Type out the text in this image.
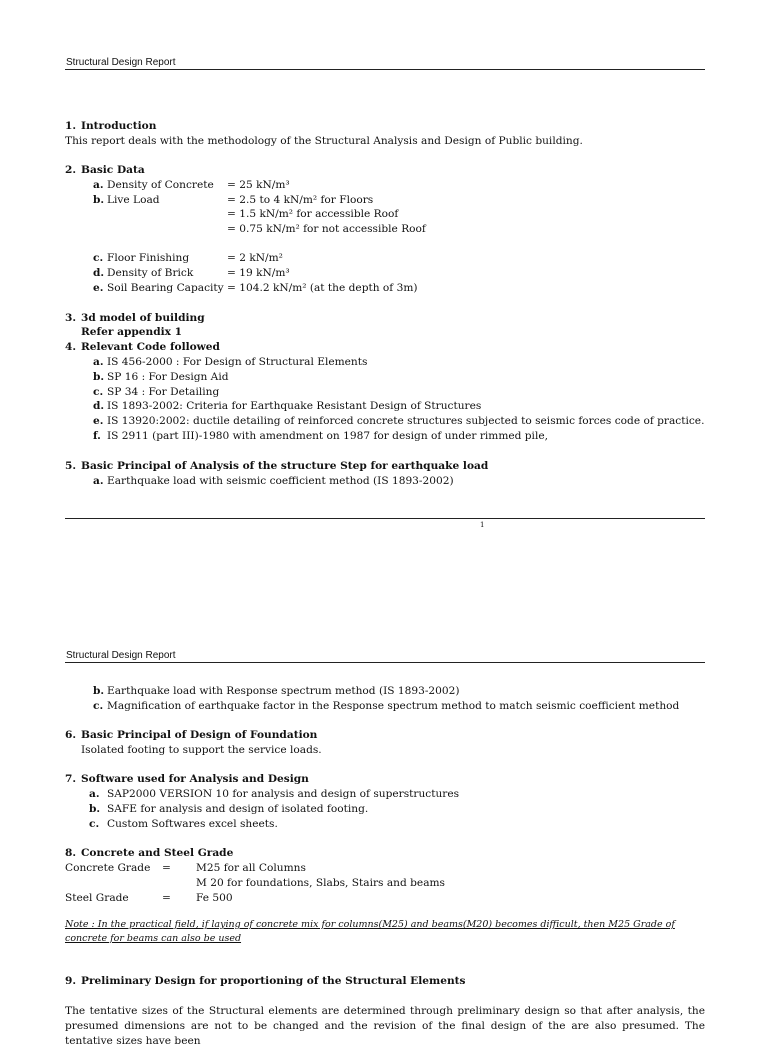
Structural Design Report
1. Introduction
This report deals with the methodology of the Structural Analysis and Design of Public building.
2. Basic Data
a. Density of Concrete = 25 kN/m³
b. Live Load	= 2.5 to 4 kN/m² for Floors
= 1.5 kN/m² for accessible Roof
= 0.75 kN/m² for not accessible Roof
c. Floor Finishing	= 2 kN/m²
d. Density of Brick	= 19 kN/m³
e. Soil Bearing Capacity = 104.2 kN/m² (at the depth of 3m)
3. 3d model of building
Refer appendix 1
4. Relevant Code followed
a. IS 456-2000 : For Design of Structural Elements
b. SP 16 : For Design Aid
c. SP 34 : For Detailing
d. IS 1893-2002: Criteria for Earthquake Resistant Design of Structures
e. IS 13920:2002: ductile detailing of reinforced concrete structures subjected to seismic forces code of practice.
f. IS 2911 (part III)-1980 with amendment on 1987 for design of under rimmed pile,
5. Basic Principal of Analysis of the structure Step for earthquake load
a. Earthquake load with seismic coefficient method (IS 1893-2002)
1
Structural Design Report
b. Earthquake load with Response spectrum method (IS 1893-2002)
c. Magnification of earthquake factor in the Response spectrum method to match seismic coefficient method
6. Basic Principal of Design of Foundation
Isolated footing to support the service loads.
7. Software used for Analysis and Design
a. SAP2000 VERSION 10 for analysis and design of superstructures
b. SAFE for analysis and design of isolated footing.
c. Custom Softwares excel sheets.
8. Concrete and Steel Grade
Concrete Grade = M25 for all Columns
M 20 for foundations, Slabs, Stairs and beams
Steel Grade	= Fe 500
Note : In the practical field, if laying of concrete mix for columns(M25) and beams(M20) becomes difficult, then M25 Grade of concrete for beams can also be used
9. Preliminary Design for proportioning of the Structural Elements
The tentative sizes of the Structural elements are determined through preliminary design so that after analysis, the presumed dimensions are not to be changed and the revision of the final design of the are also presumed. The tentative sizes have been
